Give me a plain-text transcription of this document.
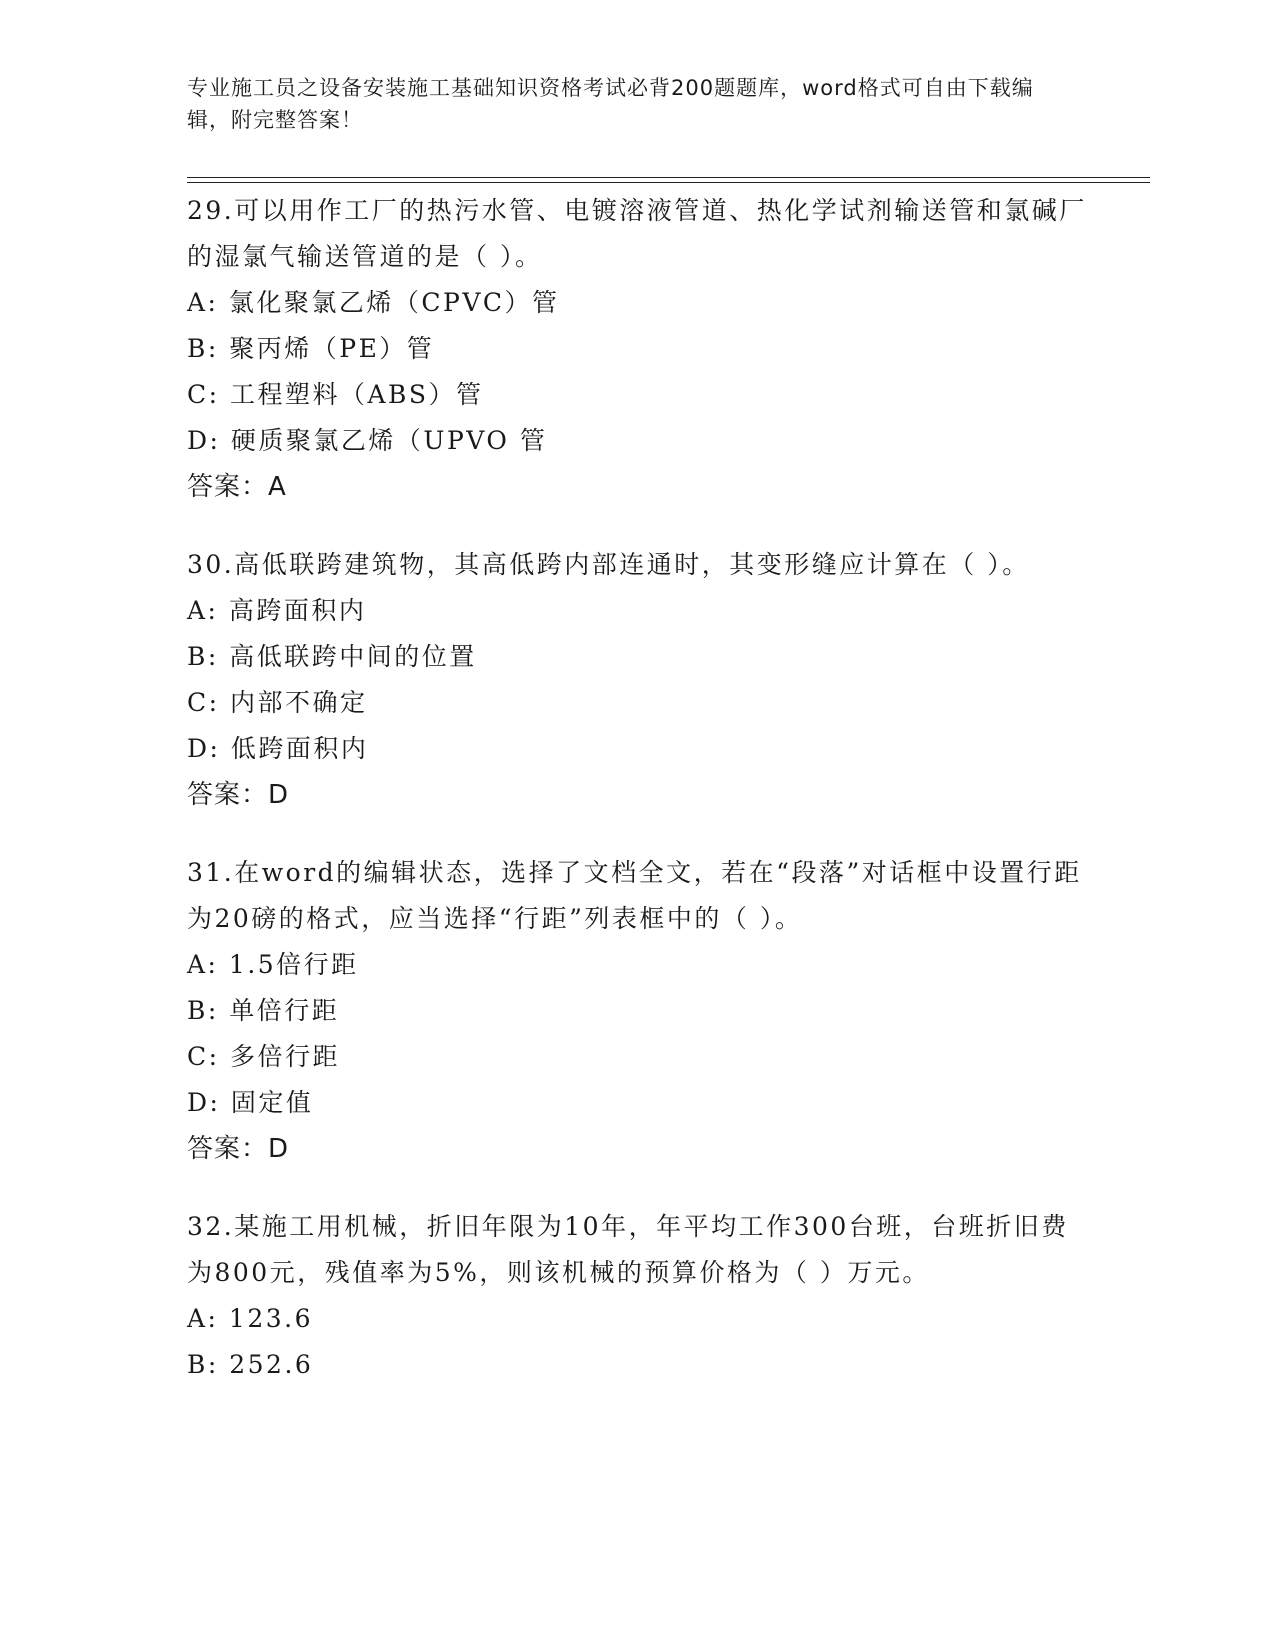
专业施工员之设备安装施工基础知识资格考试必背200题题库，word格式可自由下载编辑，附完整答案！
29.可以用作工厂的热污水管、电镀溶液管道、热化学试剂输送管和氯碱厂的湿氯气输送管道的是（ ）。
A: 氯化聚氯乙烯（CPVC）管
B: 聚丙烯（PE）管
C: 工程塑料（ABS）管
D: 硬质聚氯乙烯（UPVO 管
答案：A
30.高低联跨建筑物，其高低跨内部连通时，其变形缝应计算在（ ）。
A: 高跨面积内
B: 高低联跨中间的位置
C: 内部不确定
D: 低跨面积内
答案：D
31.在word的编辑状态，选择了文档全文，若在“段落”对话框中设置行距为20磅的格式，应当选择“行距”列表框中的（ ）。
A: 1.5倍行距
B: 单倍行距
C: 多倍行距
D: 固定值
答案：D
32.某施工用机械，折旧年限为10年，年平均工作300台班，台班折旧费为800元，残值率为5%，则该机械的预算价格为（ ）万元。
A: 123.6
B: 252.6
